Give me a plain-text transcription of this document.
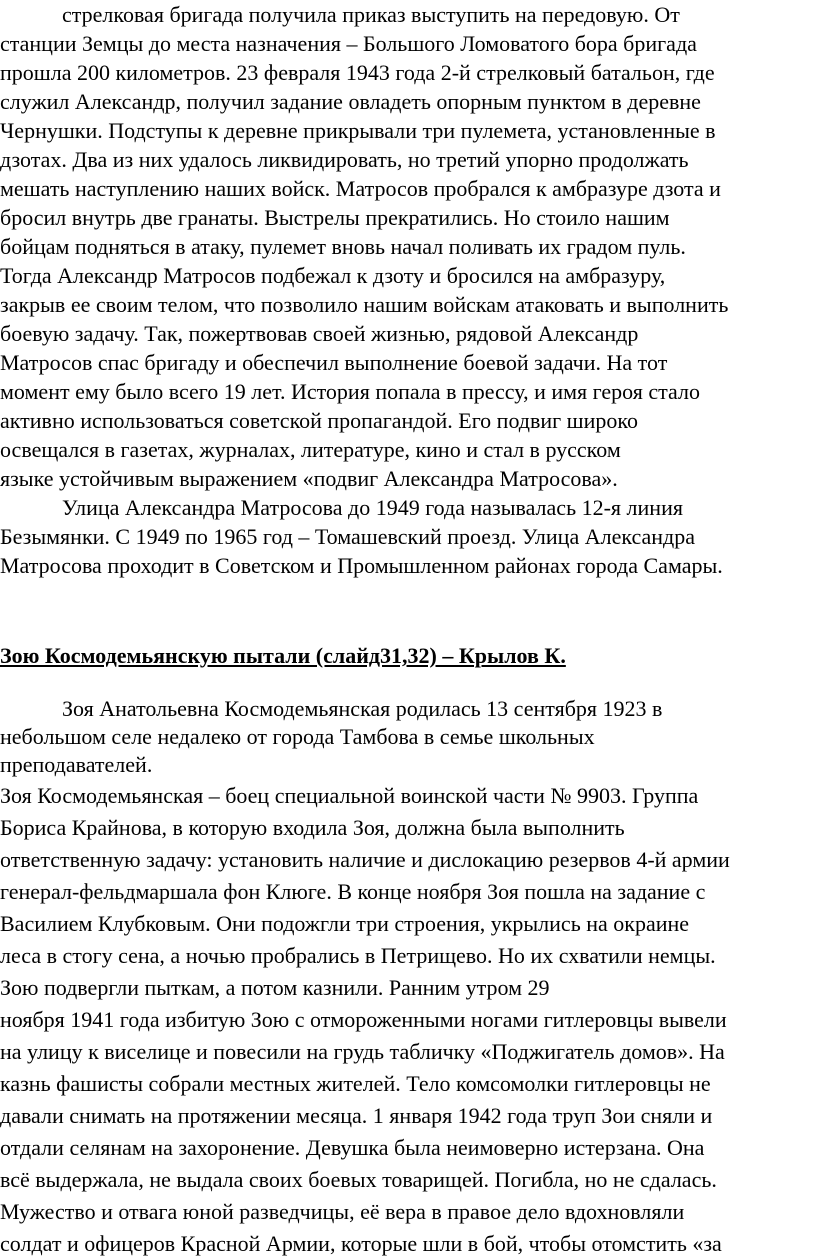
стрелковая бригада получила приказ выступить на передовую. От
станции Земцы до места назначения – Большого Ломоватого бора бригада
прошла 200 километров. 23 февраля 1943 года 2-й стрелковый батальон, где
служил Александр, получил задание овладеть опорным пунктом в деревне
Чернушки. Подступы к деревне прикрывали три пулемета, установленные в
дзотах. Два из них удалось ликвидировать, но третий упорно продолжать
мешать наступлению наших войск. Матросов пробрался к амбразуре дзота и
бросил внутрь две гранаты. Выстрелы прекратились. Но стоило нашим
бойцам подняться в атаку, пулемет вновь начал поливать их градом пуль.
Тогда Александр Матросов подбежал к дзоту и бросился на амбразуру,
закрыв ее своим телом, что позволило нашим войскам атаковать и выполнить
боевую задачу. Так, пожертвовав своей жизнью, рядовой Александр
Матросов спас бригаду и обеспечил выполнение боевой задачи. На тот
момент ему было всего 19 лет. История попала в прессу, и имя героя стало
активно использоваться советской пропагандой. Его подвиг широко
освещался в газетах, журналах, литературе, кино и стал в русском
языке устойчивым выражением «подвиг Александра Матросова».
Улица Александра Матросова до 1949 года называлась 12-я линия
Безымянки. С 1949 по 1965 год – Томашевский проезд. Улица Александра
Матросова проходит в Советском и Промышленном районах города Самары.
Зою Космодемьянскую пытали (слайд31,32) – Крылов К.
Зоя Анатольевна Космодемьянская родилась 13 сентября 1923 в
небольшом селе недалеко от города Тамбова в семье школьных
преподавателей.
Зоя Космодемьянская – боец специальной воинской части № 9903. Группа
Бориса Крайнова, в которую входила Зоя, должна была выполнить
ответственную задачу: установить наличие и дислокацию резервов 4-й армии
генерал-фельдмаршала фон Клюге. В конце ноября Зоя пошла на задание с
Василием Клубковым. Они подожгли три строения, укрылись на окраине
леса в стогу сена, а ночью пробрались в Петрищево. Но их схватили немцы.
Зою подвергли пыткам, а потом казнили. Ранним утром 29
ноября 1941 года избитую Зою с отмороженными ногами гитлеровцы вывели
на улицу к виселице и повесили на грудь табличку «Поджигатель домов». На
казнь фашисты собрали местных жителей. Тело комсомолки гитлеровцы не
давали снимать на протяжении месяца. 1 января 1942 года труп Зои сняли и
отдали селянам на захоронение. Девушка была неимоверно истерзана. Она
всё выдержала, не выдала своих боевых товарищей. Погибла, но не сдалась.
Мужество и отвага юной разведчицы, её вера в правое дело вдохновляли
солдат и офицеров Красной Армии, которые шли в бой, чтобы отомстить «за
